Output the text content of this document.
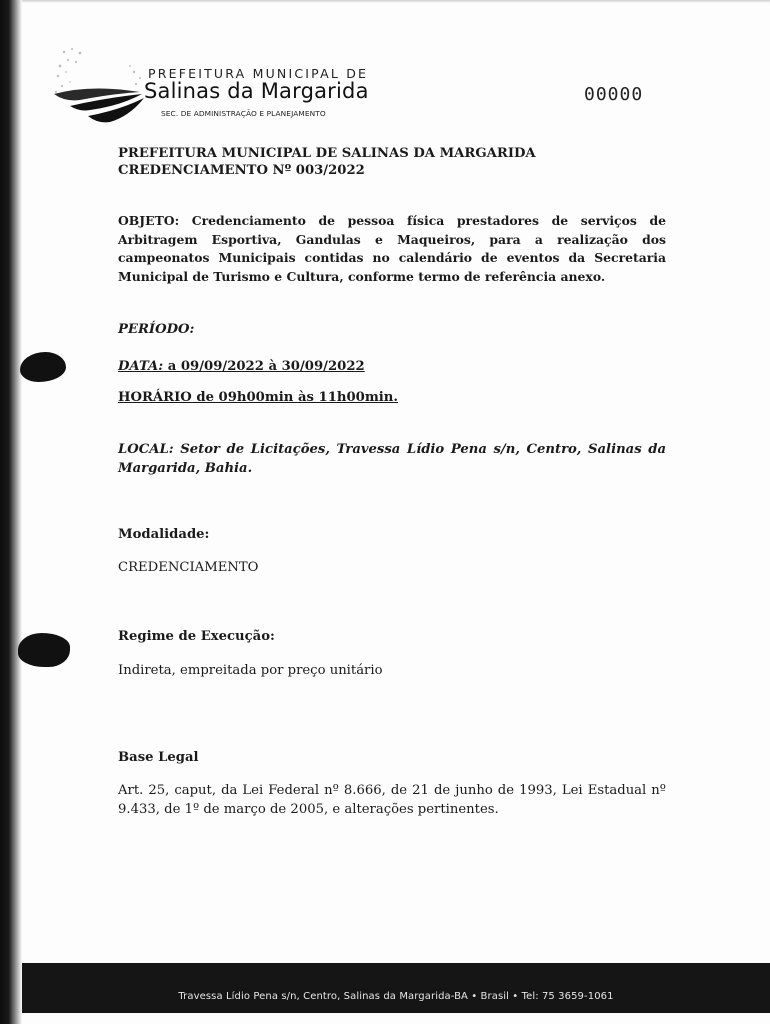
PREFEITURA MUNICIPAL DE
Salinas da Margarida
SEC. DE ADMINISTRAÇÃO E PLANEJAMENTO
00000
PREFEITURA MUNICIPAL DE SALINAS DA MARGARIDA
CREDENCIAMENTO Nº 003/2022
OBJETO: Credenciamento de pessoa física prestadores de serviços de Arbitragem Esportiva, Gandulas e Maqueiros, para a realização dos campeonatos Municipais contidas no calendário de eventos da Secretaria Municipal de Turismo e Cultura, conforme termo de referência anexo.
PERÍODO:
DATA: a 09/09/2022 à 30/09/2022
HORÁRIO de 09h00min às 11h00min.
LOCAL: Setor de Licitações, Travessa Lídio Pena s/n, Centro, Salinas da Margarida, Bahia.
Modalidade:
CREDENCIAMENTO
Regime de Execução:
Indireta, empreitada por preço unitário
Base Legal
Art. 25, caput, da Lei Federal nº 8.666, de 21 de junho de 1993, Lei Estadual nº 9.433, de 1º de março de 2005, e alterações pertinentes.
Travessa Lídio Pena s/n, Centro, Salinas da Margarida-BA • Brasil • Tel: 75 3659-1061
